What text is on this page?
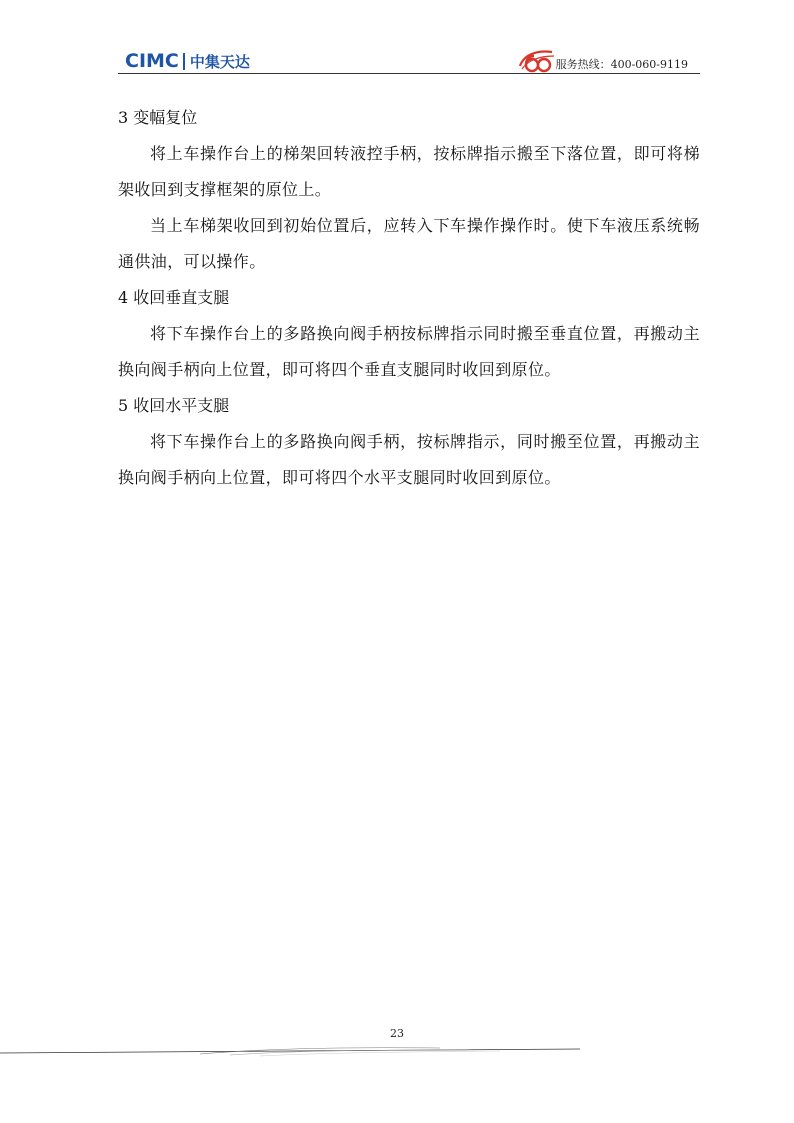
CIMC 中集天达	服务热线： 400-060-9119
3 变幅复位

将上车操作台上的梯架回转液控手柄，按标牌指示搬至下落位置，即可将梯架收回到支撑框架的原位上。

当上车梯架收回到初始位置后，应转入下车操作操作时。使下车液压系统畅通供油，可以操作。

4 收回垂直支腿

将下车操作台上的多路换向阀手柄按标牌指示同时搬至垂直位置，再搬动主换向阀手柄向上位置，即可将四个垂直支腿同时收回到原位。

5 收回水平支腿

将下车操作台上的多路换向阀手柄，按标牌指示，同时搬至位置，再搬动主换向阀手柄向上位置，即可将四个水平支腿同时收回到原位。

23
